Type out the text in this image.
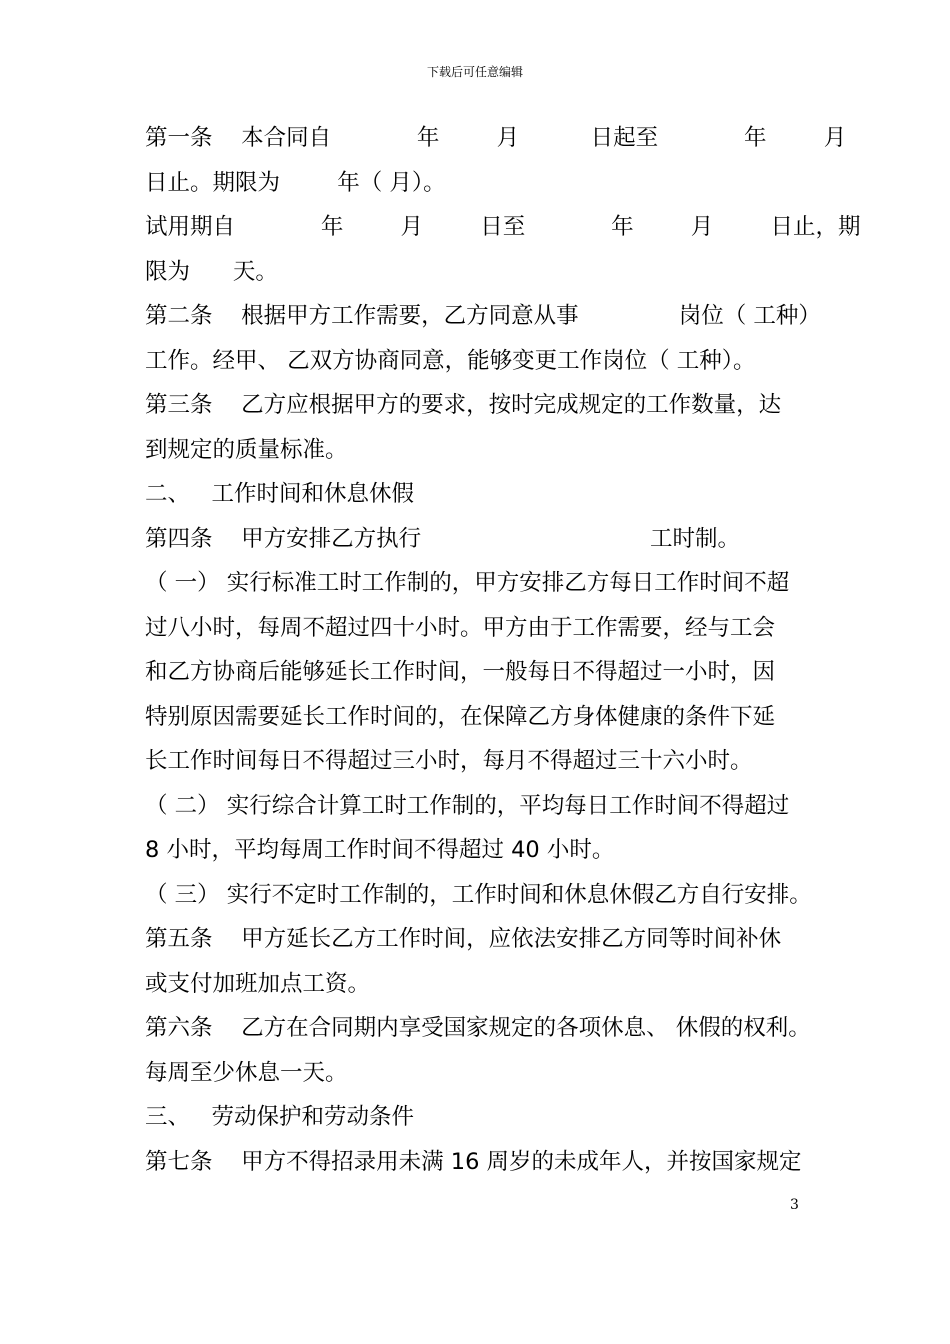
下载后可任意编辑
第一条    本合同自            年        月          日起至            年        月
日止。期限为        年（ 月）。
试用期自            年        月        日至            年        月        日止，期
限为      天。
第二条    根据甲方工作需要，乙方同意从事              岗位（ 工种）
工作。经甲、 乙双方协商同意，能够变更工作岗位（ 工种）。
第三条    乙方应根据甲方的要求，按时完成规定的工作数量，达
到规定的质量标准。
二、   工作时间和休息休假
第四条    甲方安排乙方执行                                工时制。
（ 一） 实行标准工时工作制的，甲方安排乙方每日工作时间不超
过八小时，每周不超过四十小时。甲方由于工作需要，经与工会
和乙方协商后能够延长工作时间，一般每日不得超过一小时，因
特别原因需要延长工作时间的，在保障乙方身体健康的条件下延
长工作时间每日不得超过三小时，每月不得超过三十六小时。
（ 二） 实行综合计算工时工作制的，平均每日工作时间不得超过
8 小时，平均每周工作时间不得超过 40 小时。
（ 三） 实行不定时工作制的，工作时间和休息休假乙方自行安排。
第五条    甲方延长乙方工作时间，应依法安排乙方同等时间补休
或支付加班加点工资。
第六条    乙方在合同期内享受国家规定的各项休息、 休假的权利。
每周至少休息一天。
三、   劳动保护和劳动条件
第七条    甲方不得招录用未满 16 周岁的未成年人，并按国家规定
3
